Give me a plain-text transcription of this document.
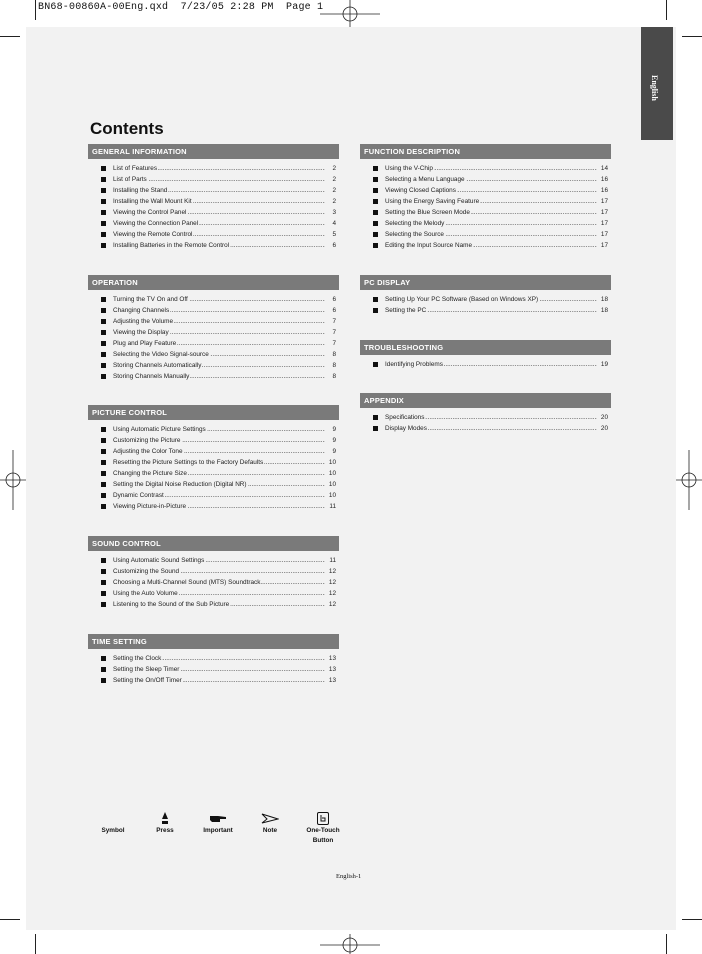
BN68-00860A-00Eng.qxd  7/23/05 2:28 PM  Page 1
English
Contents
GENERAL INFORMATION
List of Features .....	2
List of Parts .....	2
Installing the Stand .....	2
Installing the Wall Mount Kit .....	2
Viewing the Control Panel .....	3
Viewing the Connection Panel .....	4
Viewing the Remote Control .....	5
Installing Batteries in the Remote Control .....	6
OPERATION
Turning the TV On and Off .....	6
Changing Channels .....	6
Adjusting the Volume .....	7
Viewing the Display .....	7
Plug and Play Feature .....	7
Selecting the Video Signal-source .....	8
Storing Channels Automatically .....	8
Storing Channels Manually .....	8
PICTURE CONTROL
Using Automatic Picture Settings .....	9
Customizing the Picture .....	9
Adjusting the Color Tone .....	9
Resetting the Picture Settings to the Factory Defaults .....	10
Changing the Picture Size .....	10
Setting the Digital Noise Reduction (Digital NR) .....	10
Dynamic Contrast .....	10
Viewing Picture-in-Picture .....	11
SOUND CONTROL
Using Automatic Sound Settings .....	11
Customizing the Sound .....	12
Choosing a Multi-Channel Sound (MTS) Soundtrack .....	12
Using the Auto Volume .....	12
Listening to the Sound of the Sub Picture .....	12
TIME SETTING
Setting the Clock .....	13
Setting the Sleep Timer .....	13
Setting the On/Off Timer .....	13
FUNCTION DESCRIPTION
Using the V-Chip .....	14
Selecting a Menu Language .....	16
Viewing Closed Captions .....	16
Using the Energy Saving Feature .....	17
Setting the Blue Screen Mode .....	17
Selecting the Melody .....	17
Selecting the Source .....	17
Editing the Input Source Name .....	17
PC DISPLAY
Setting Up Your PC Software (Based on Windows XP) .....	18
Setting the PC .....	18
TROUBLESHOOTING
Identifying Problems .....	19
APPENDIX
Specifications .....	20
Display Modes .....	20
Symbol	Press	Important	Note	One-Touch
Button
English-1
